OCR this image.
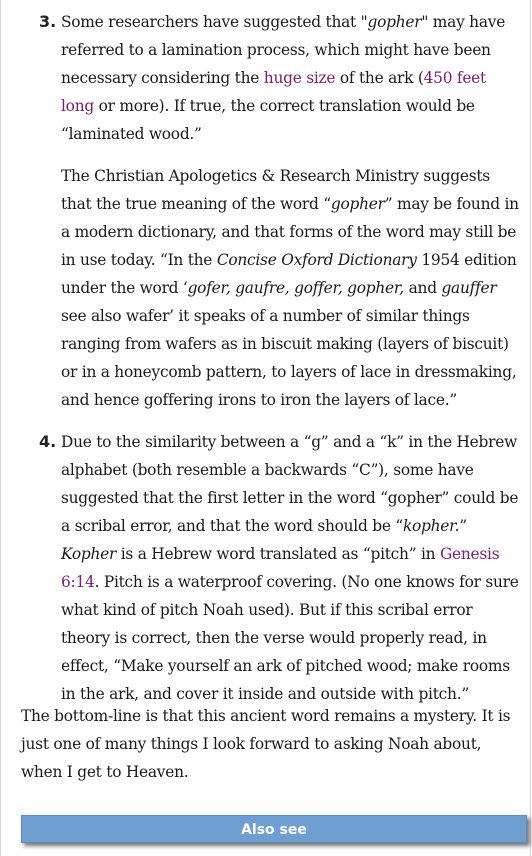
3. Some researchers have suggested that "gopher" may have referred to a lamination process, which might have been necessary considering the huge size of the ark (450 feet long or more). If true, the correct translation would be “laminated wood.”

The Christian Apologetics & Research Ministry suggests that the true meaning of the word “gopher” may be found in a modern dictionary, and that forms of the word may still be in use today. “In the Concise Oxford Dictionary 1954 edition under the word ‘gofer, gaufre, goffer, gopher, and gauffer see also wafer’ it speaks of a number of similar things ranging from wafers as in biscuit making (layers of biscuit) or in a honeycomb pattern, to layers of lace in dressmaking, and hence goffering irons to iron the layers of lace.”

4. Due to the similarity between a “g” and a “k” in the Hebrew alphabet (both resemble a backwards “C”), some have suggested that the first letter in the word “gopher” could be a scribal error, and that the word should be “kopher.” Kopher is a Hebrew word translated as “pitch” in Genesis 6:14. Pitch is a waterproof covering. (No one knows for sure what kind of pitch Noah used). But if this scribal error theory is correct, then the verse would properly read, in effect, “Make yourself an ark of pitched wood; make rooms in the ark, and cover it inside and outside with pitch.”

The bottom-line is that this ancient word remains a mystery. It is just one of many things I look forward to asking Noah about, when I get to Heaven.

Also see
